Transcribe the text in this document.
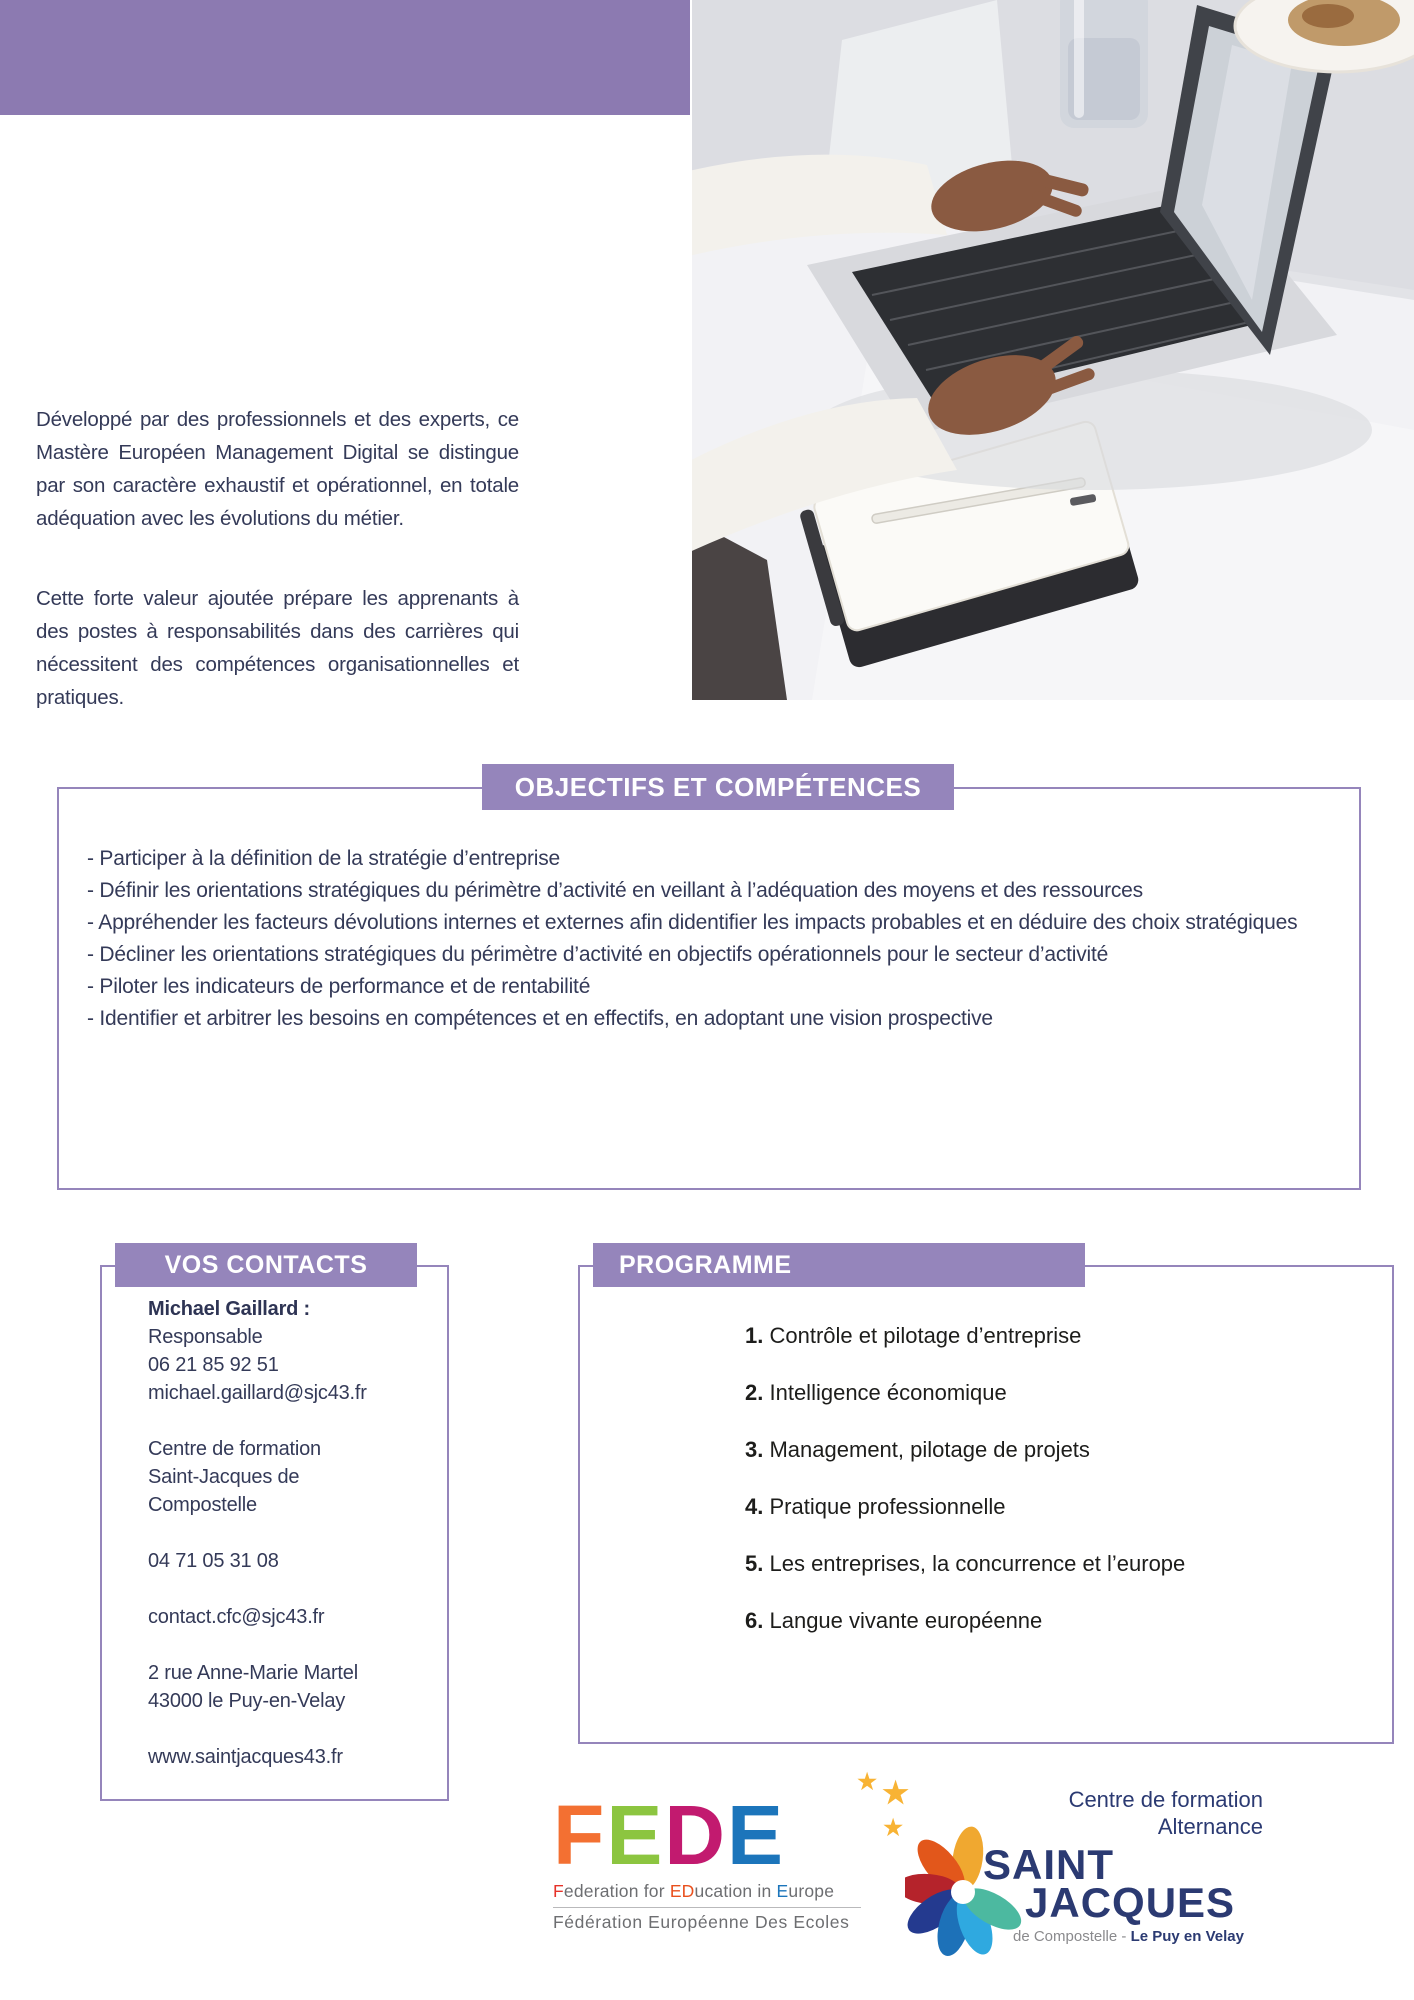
Développé par des professionnels et des experts, ce Mastère Européen Management Digital se distingue par son caractère exhaustif et opérationnel, en totale adéquation avec les évolutions du métier.

Cette forte valeur ajoutée prépare les apprenants à des postes à responsabilités dans des carrières qui nécessitent des compétences organisationnelles et pratiques.

OBJECTIFS ET COMPÉTENCES
- Participer à la définition de la stratégie d’entreprise
- Définir les orientations stratégiques du périmètre d’activité en veillant à l’adéquation des moyens et des ressources
- Appréhender les facteurs dévolutions internes et externes afin didentifier les impacts probables et en déduire des choix stratégiques
- Décliner les orientations stratégiques du périmètre d’activité en objectifs opérationnels pour le secteur d’activité
- Piloter les indicateurs de performance et de rentabilité
- Identifier et arbitrer les besoins en compétences et en effectifs, en adoptant une vision prospective
VOS CONTACTS
Michael Gaillard :
Responsable
06 21 85 92 51
michael.gaillard@sjc43.fr
Centre de formation
Saint-Jacques de
Compostelle
04 71 05 31 08
contact.cfc@sjc43.fr
2 rue Anne-Marie Martel
43000 le Puy-en-Velay
www.saintjacques43.fr
PROGRAMME
1. Contrôle et pilotage d’entreprise
2. Intelligence économique
3. Management, pilotage de projets
4. Pratique professionnelle
5. Les entreprises, la concurrence et l’europe
6. Langue vivante européenne
FEDE	★
★
★
Federation for EDucation in Europe
Fédération Européenne Des Ecoles
Centre de formation
Alternance
SAINT
JACQUES
de Compostelle - Le Puy en Velay
